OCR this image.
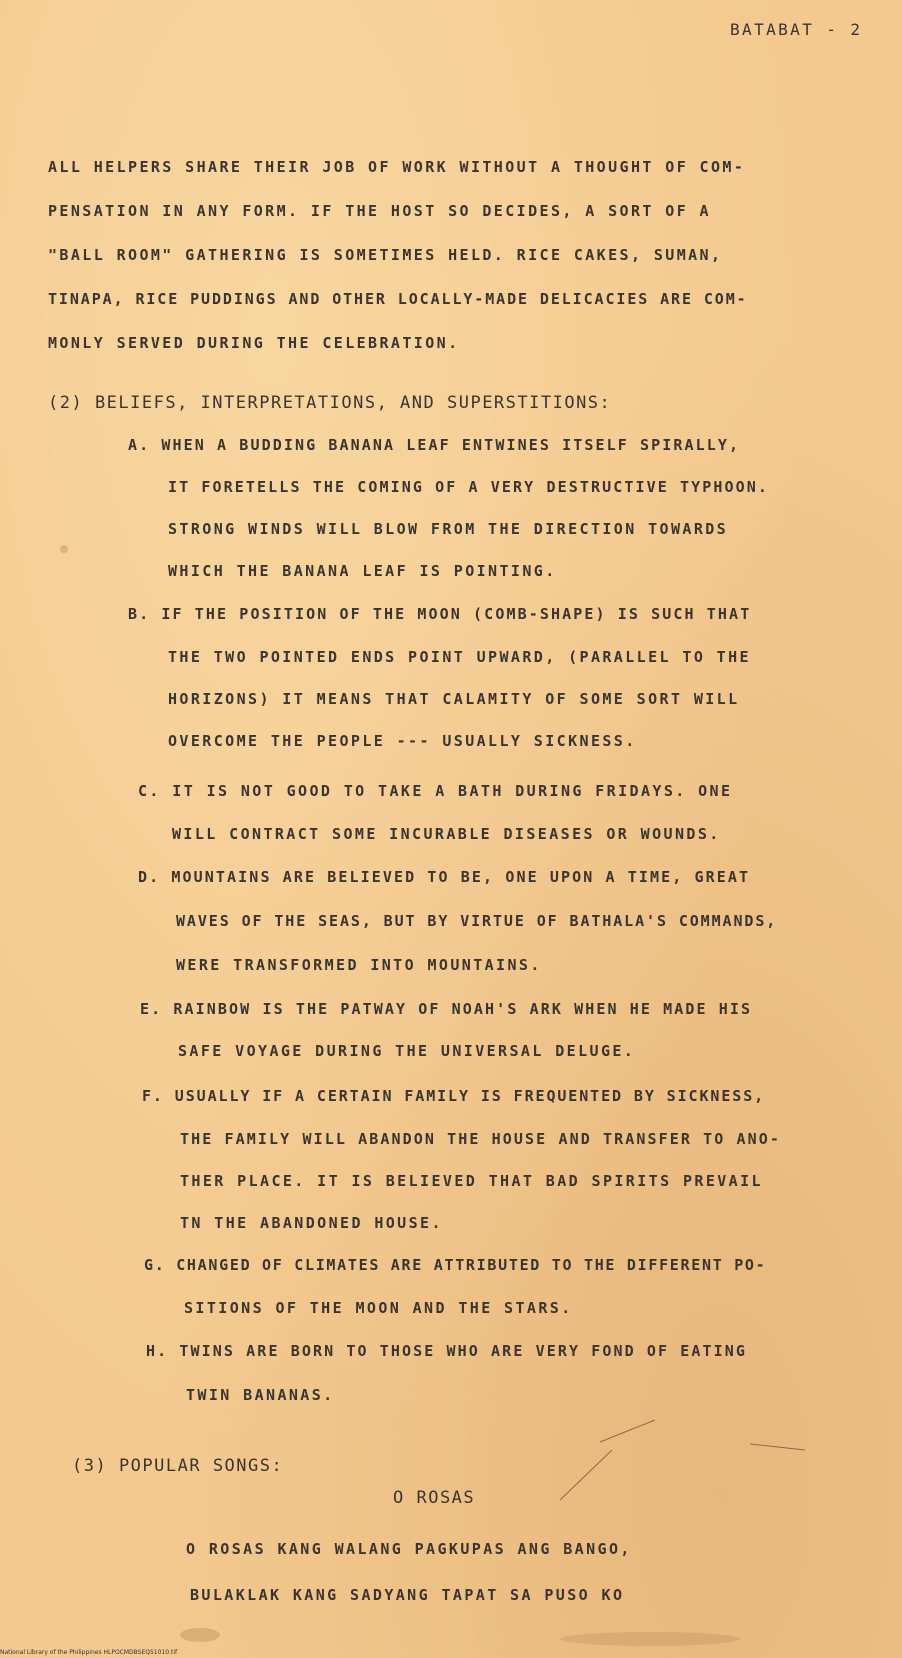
BATABAT - 2
ALL HELPERS SHARE THEIR JOB OF WORK WITHOUT A THOUGHT OF COM-
PENSATION IN ANY FORM. IF THE HOST SO DECIDES, A SORT OF A
"BALL ROOM" GATHERING IS SOMETIMES HELD. RICE CAKES, SUMAN,
TINAPA, RICE PUDDINGS AND OTHER LOCALLY-MADE DELICACIES ARE COM-
MONLY SERVED DURING THE CELEBRATION.
(2) BELIEFS, INTERPRETATIONS, AND SUPERSTITIONS:
A. WHEN A BUDDING BANANA LEAF ENTWINES ITSELF SPIRALLY,
IT FORETELLS THE COMING OF A VERY DESTRUCTIVE TYPHOON.
STRONG WINDS WILL BLOW FROM THE DIRECTION TOWARDS
WHICH THE BANANA LEAF IS POINTING.
B. IF THE POSITION OF THE MOON (COMB-SHAPE) IS SUCH THAT
THE TWO POINTED ENDS POINT UPWARD, (PARALLEL TO THE
HORIZONS) IT MEANS THAT CALAMITY OF SOME SORT WILL
OVERCOME THE PEOPLE --- USUALLY SICKNESS.
C. IT IS NOT GOOD TO TAKE A BATH DURING FRIDAYS. ONE
WILL CONTRACT SOME INCURABLE DISEASES OR WOUNDS.
D. MOUNTAINS ARE BELIEVED TO BE, ONE UPON A TIME, GREAT
WAVES OF THE SEAS, BUT BY VIRTUE OF BATHALA'S COMMANDS,
WERE TRANSFORMED INTO MOUNTAINS.
E. RAINBOW IS THE PATWAY OF NOAH'S ARK WHEN HE MADE HIS
SAFE VOYAGE DURING THE UNIVERSAL DELUGE.
F. USUALLY IF A CERTAIN FAMILY IS FREQUENTED BY SICKNESS,
THE FAMILY WILL ABANDON THE HOUSE AND TRANSFER TO ANO-
THER PLACE. IT IS BELIEVED THAT BAD SPIRITS PREVAIL
TN THE ABANDONED HOUSE.
G. CHANGED OF CLIMATES ARE ATTRIBUTED TO THE DIFFERENT PO-
SITIONS OF THE MOON AND THE STARS.
H. TWINS ARE BORN TO THOSE WHO ARE VERY FOND OF EATING
TWIN BANANAS.
(3) POPULAR SONGS:
O ROSAS
O ROSAS KANG WALANG PAGKUPAS ANG BANGO,
BULAKLAK KANG SADYANG TAPAT SA PUSO KO
National Library of the Philippines HLPOCMDBSEQ51010.tif
